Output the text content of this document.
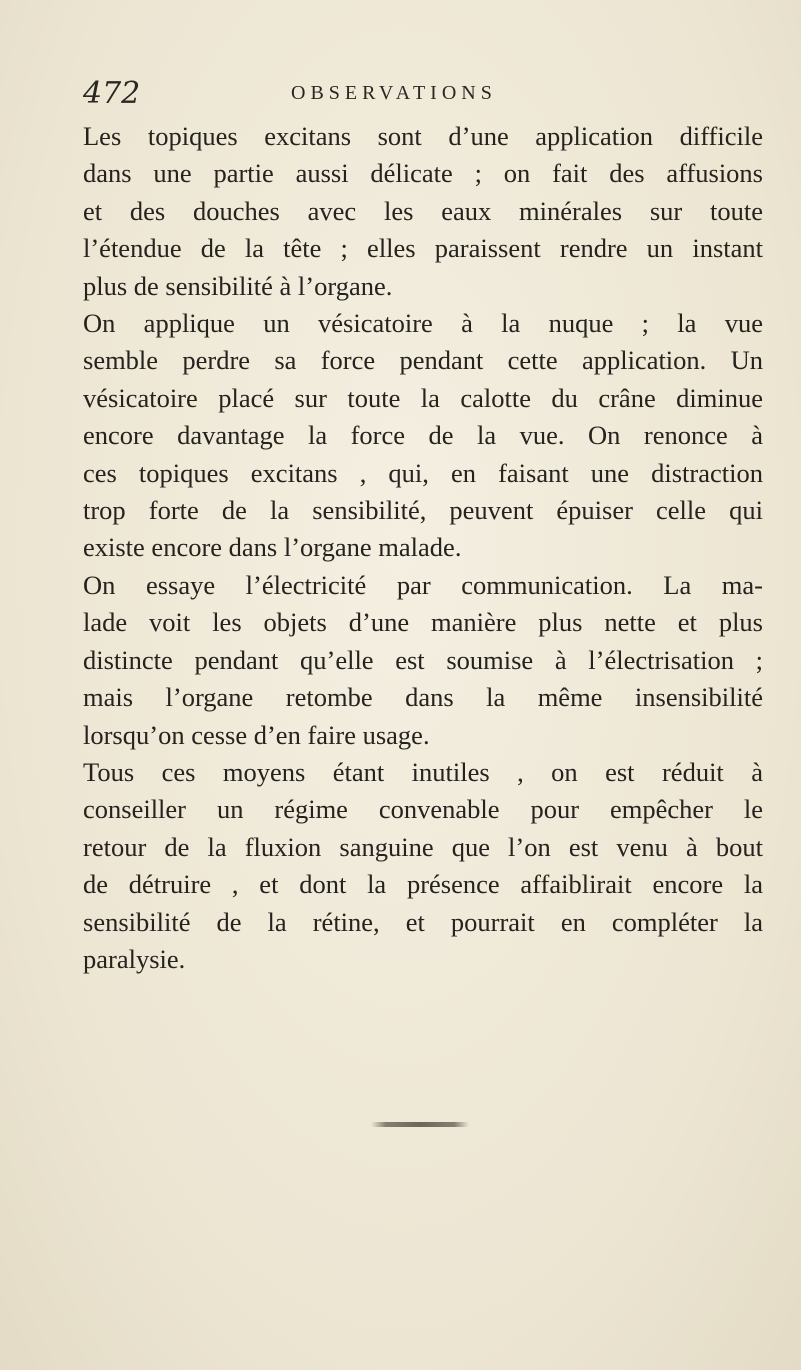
472	OBSERVATIONS

Les topiques excitans sont d’une application difficile
dans une partie aussi délicate ; on fait des affusions
et des douches avec les eaux minérales sur toute
l’étendue de la tête ; elles paraissent rendre un instant
plus de sensibilité à l’organe.

On applique un vésicatoire à la nuque ; la vue
semble perdre sa force pendant cette application. Un
vésicatoire placé sur toute la calotte du crâne diminue
encore davantage la force de la vue. On renonce à
ces topiques excitans , qui, en faisant une distraction
trop forte de la sensibilité, peuvent épuiser celle qui
existe encore dans l’organe malade.

On essaye l’électricité par communication. La ma-
lade voit les objets d’une manière plus nette et plus
distincte pendant qu’elle est soumise à l’électrisation ;
mais l’organe retombe dans la même insensibilité
lorsqu’on cesse d’en faire usage.

Tous ces moyens étant inutiles , on est réduit à
conseiller un régime convenable pour empêcher le
retour de la fluxion sanguine que l’on est venu à bout
de détruire , et dont la présence affaiblirait encore la
sensibilité de la rétine, et pourrait en compléter la
paralysie.
